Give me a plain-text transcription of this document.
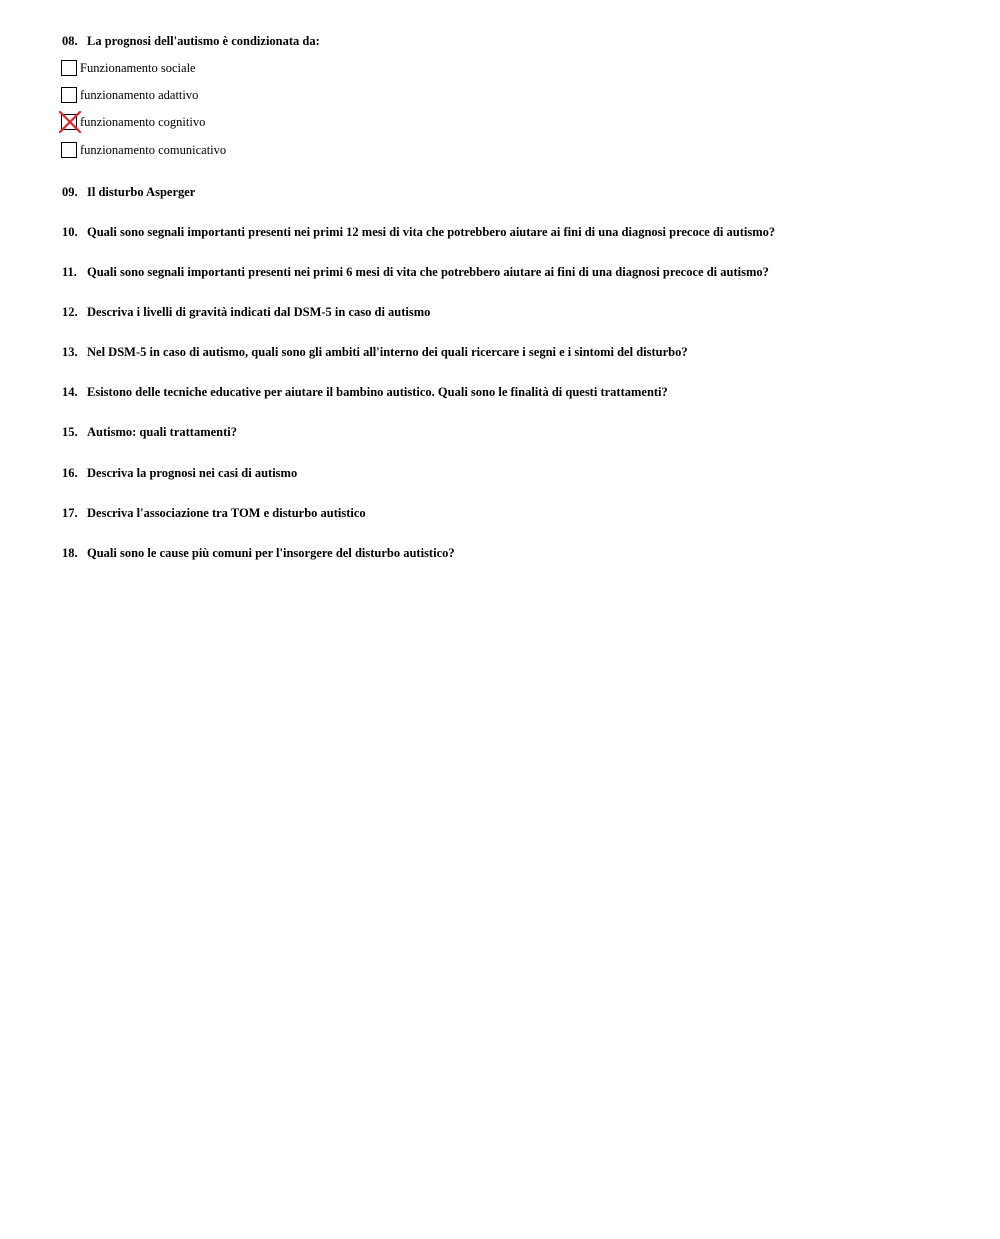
08. La prognosi dell'autismo è condizionata da:
Funzionamento sociale
funzionamento adattivo
funzionamento cognitivo
funzionamento comunicativo
09. Il disturbo Asperger
10. Quali sono segnali importanti presenti nei primi 12 mesi di vita che potrebbero aiutare ai fini di una diagnosi precoce di autismo?
11. Quali sono segnali importanti presenti nei primi 6 mesi di vita che potrebbero aiutare ai fini di una diagnosi precoce di autismo?
12. Descriva i livelli di gravità indicati dal DSM-5 in caso di autismo
13. Nel DSM-5 in caso di autismo, quali sono gli ambiti all'interno dei quali ricercare i segni e i sintomi del disturbo?
14. Esistono delle tecniche educative per aiutare il bambino autistico. Quali sono le finalità di questi trattamenti?
15. Autismo: quali trattamenti?
16. Descriva la prognosi nei casi di autismo
17. Descriva l'associazione tra TOM e disturbo autistico
18. Quali sono le cause più comuni per l'insorgere del disturbo autistico?
